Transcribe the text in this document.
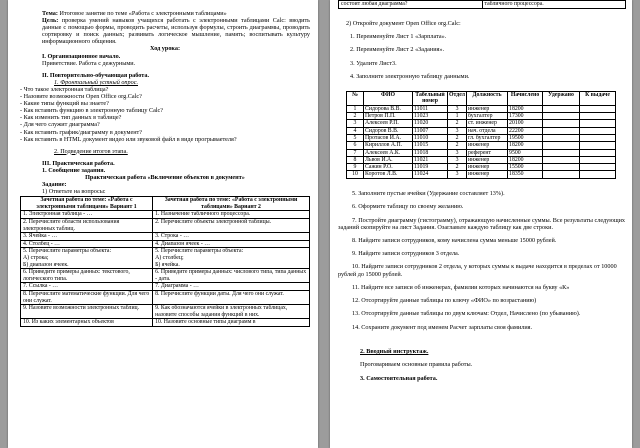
Тема: Итоговое занятие по теме «Работа с электронными таблицами»

Цель: проверка умений навыков учащихся работать с электронными таблицами Calc: вводить данные с помощью формы, проводить расчеты, используя формулы, строить диаграммы, проводить сортировку и поиск данных; развивать логическое мышление, память; воспитывать культуру информационного общения.

Ход урока:

I. Организационное начало.

Приветствие. Работа с дежурными.

II. Повторительно-обучающая работа.

1. Фронтальный устный опрос.

- Что такое электронная таблица?

- Назовите возможности Open Office org.Calc?

- Какие типы функций вы знаете?

- Как вставить функцию в электронную таблицу Calc?

- Как изменить тип данных в таблице?

- Для чего служит диаграмма?

- Как вставить график/диаграмму в документ?

- Как вставить в HTML документ видео или звуковой файл в виде прогрываетеля?

2. Подведение итогов этапа.

III. Практическая работа.

1. Сообщение задания.

Практическая работа «Включение объектов в документ»

Задание:

1) Ответьте на вопросы:

Зачетная работа по теме: «Работа с электронными таблицами» Вариант 1	Зачетная работа по теме: «Работа с электронными таблицами» Вариант 2
1. Электронная таблица - …	1. Назначение табличного процессора.
2. Перечислите области использования электронных таблиц.	2. Перечислите объекты электронной таблицы.
3. Ячейка - …	3. Строка - …
4. Столбец - …	4. Диапазон ячеек - …
5. Перечислите параметры объекта:
А) строка;
Б) диапазон ячеек.	5. Перечислите параметры объекта:
А) столбец;
Б) ячейка.
6. Приведите примеры данных: текстового, логического типа.	6. Приведите примеры данных: числового типа, типа данных - дата.
7. Ссылка - …	7. Диаграмма - …
8. Перечислите математические функции. Для чего они служат.	8. Перечислите функции даты. Для чего они служат.
9. Назовите возможности электронных таблиц.	9. Как обозначаются ячейки в электронных таблицах, назовите способы задания функций в них.
10. Из каких элементарных объектов	10. Назовите основные типы диаграмм в
состоит любая диаграмма?	табличного процессора.

2) Откройте документ Open Office org.Calc:

1. Переименуйте Лист 1 «Зарплата».

2. Переименуйте Лист 2 «Задания».

3. Удалите Лист3.

4. Заполните электронную таблицу данными.

№	ФИО	Табельный номер	Отдел	Должность	Начислено	Удержано	К выдаче
1	Сидорова В.В.	11011	3	инженер	18200		
2	Петров П.П.	11023	1	бухгалтер	17300		
3	Алексеев Р.П.	11020	2	ст. инженер	20100		
4	Сидоров В.В.	11007	3	нач. отдела	22200		
5	Протасов И.А.	11010	2	гл. бухгалтер	19500		
6	Кириллов А.П.	11015	2	инженер	18200		
7	Алексеев А.К.	11018	3	референт	9500		
8	Львов И.А.	11021	3	инженер	18200		
9	Сажин Р.О.	11019	2	инженер	15500		
10	Коротов Л.В.	11024	3	инженер	18350		

5. Заполните пустые ячейки (Удержание составляет 13%).

6. Оформите таблицу по своему желанию.

7. Постройте диаграмму (гистограмму), отражающую начисленные суммы. Все результаты следующих заданий скопируйте на лист Задания. Озаглавьте каждую таблицу как две строки.

8. Найдите записи сотрудников, кому начислена сумма меньше 15000 рублей.

9. Найдите записи сотрудников 3 отдела.

10. Найдите записи сотрудников 2 отдела, у которых суммы к выдаче находится в пределах от 10000 рублей до 15000 рублей.

11. Найдите все записи об инженерах, фамилии которых начинаются на букву «К»

12. Отсортируйте данные таблицы по ключу «ФИО» по возрастанию)

13. Отсортируйте данные таблицы по двум ключам: Отдел, Начислено (по убыванию).

14. Сохраните документ под именем Расчет зарплаты своя фамилия.

2. Вводный инструктаж.

Проговариваем основные правила работы.

3. Самостоятельная работа.
